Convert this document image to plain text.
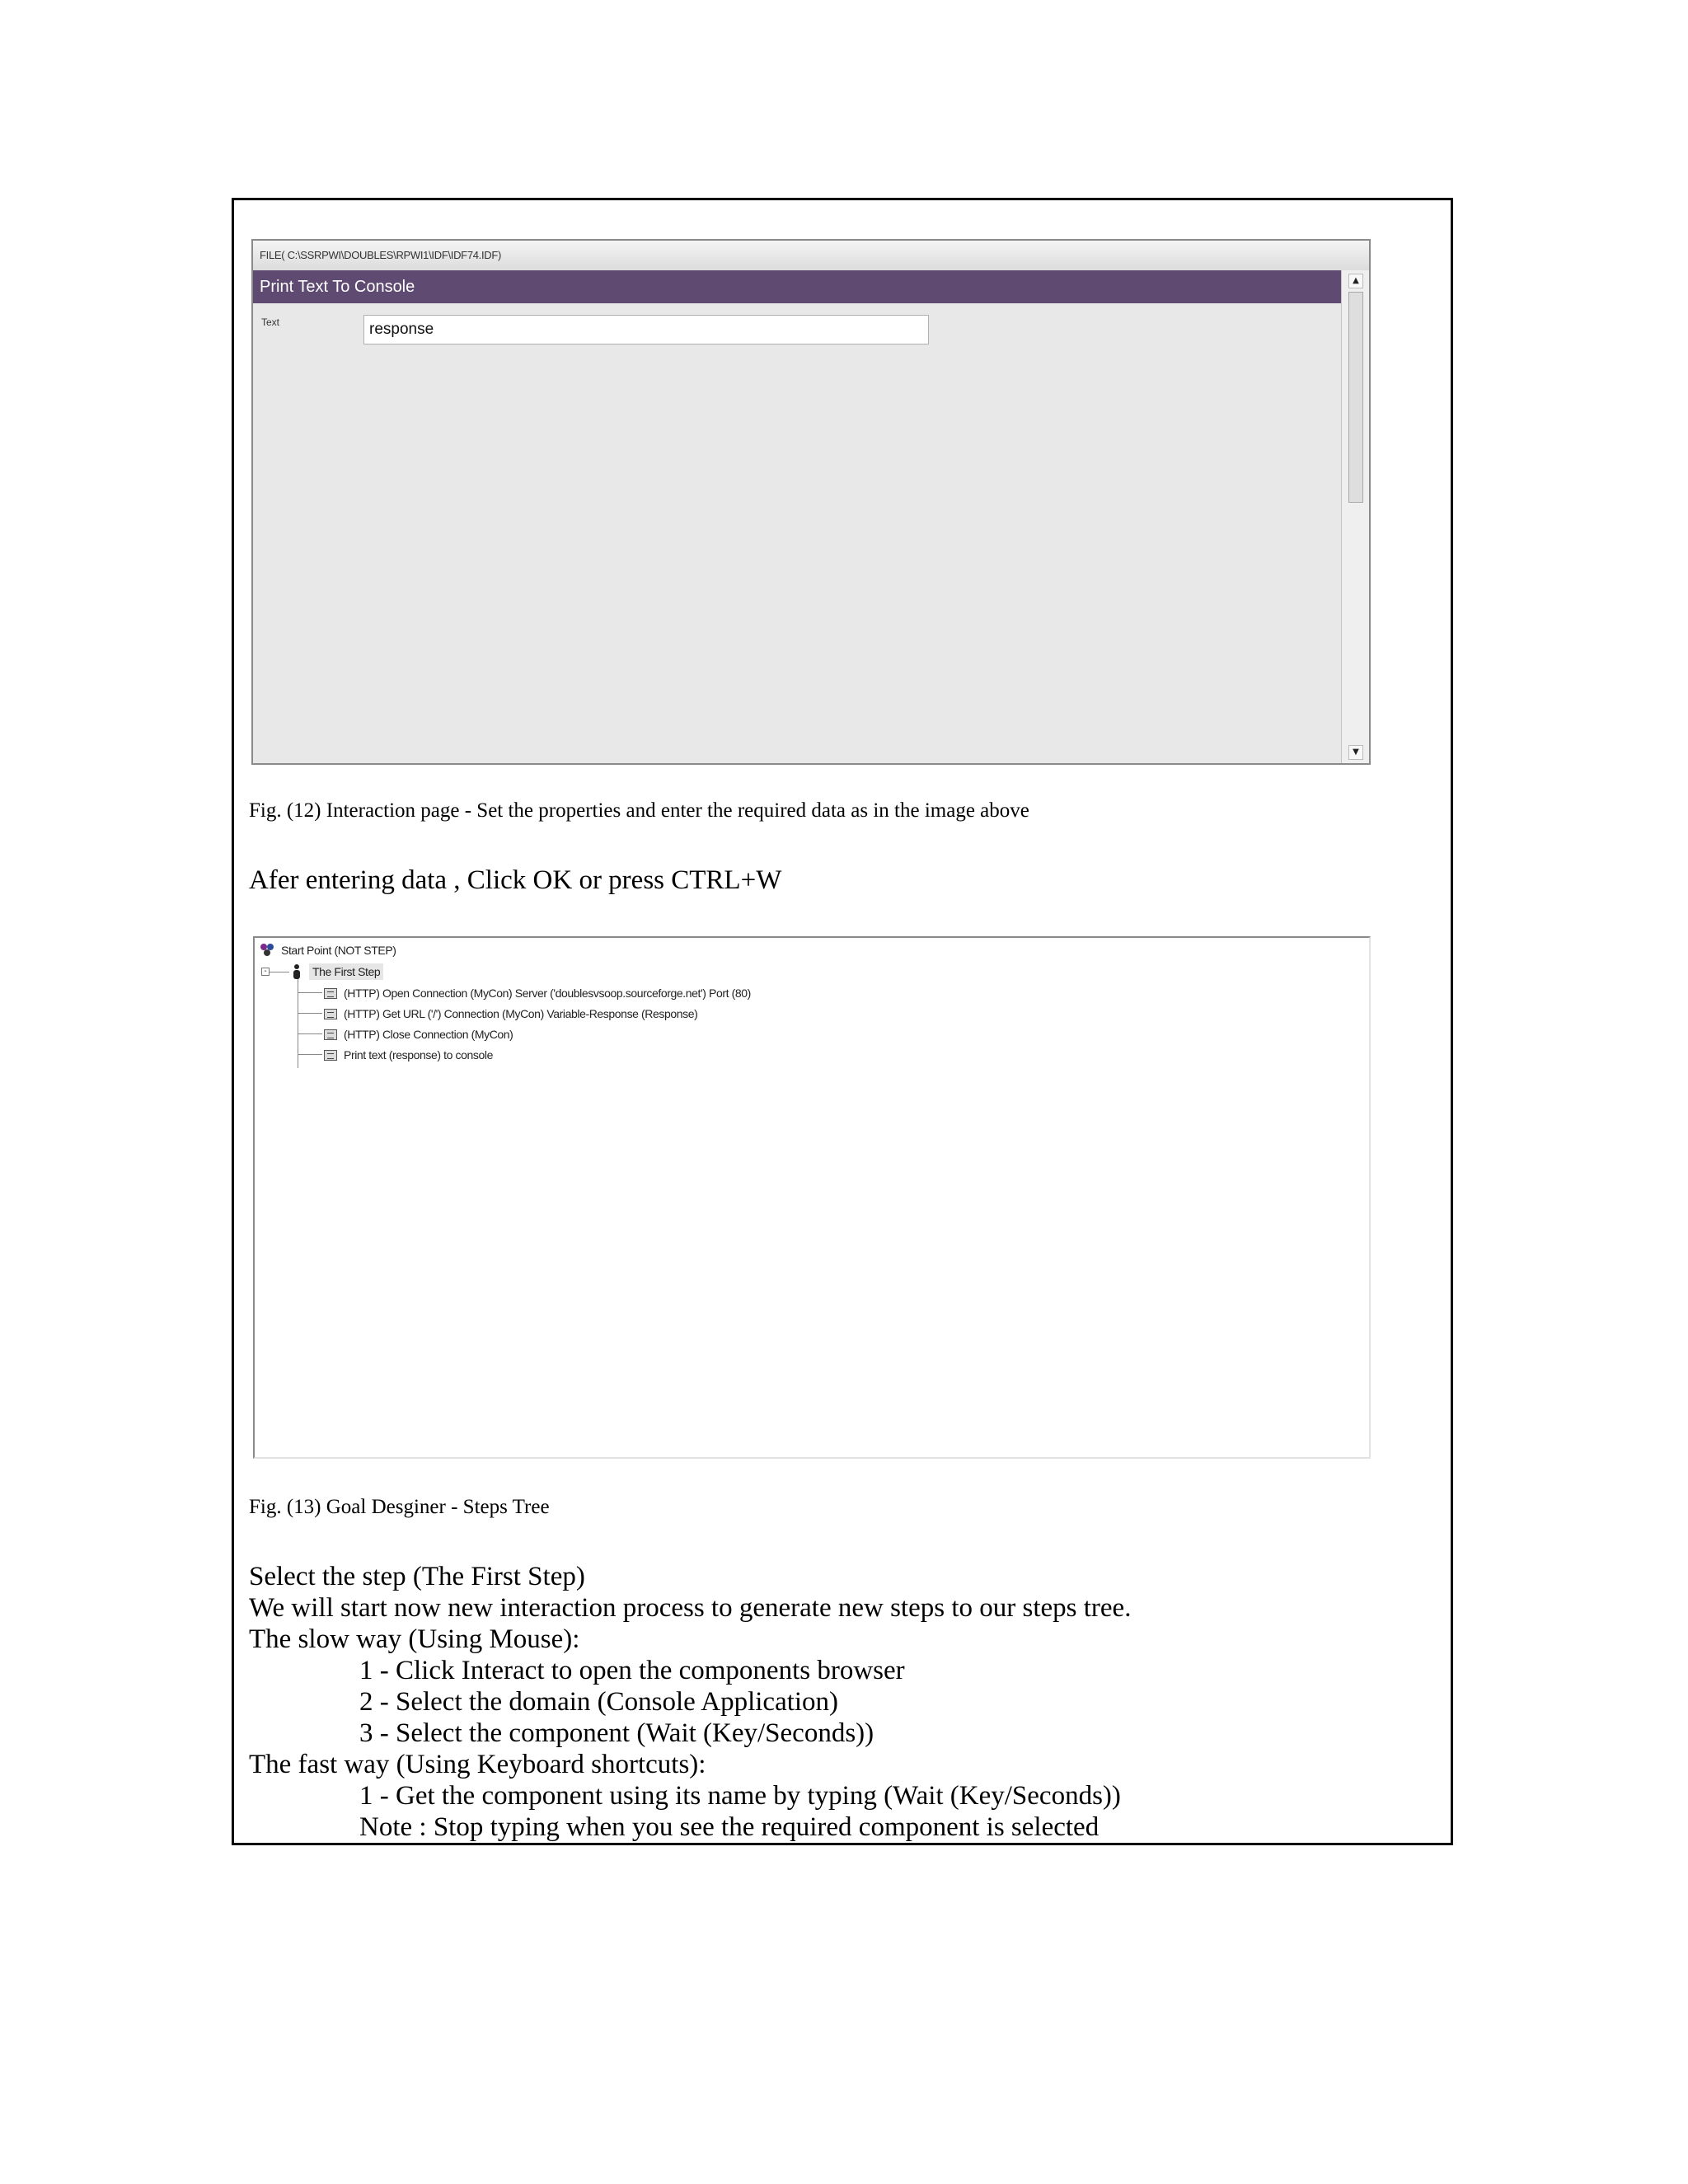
FILE( C:\SSRPWI\DOUBLES\RPWI1\IDF\IDF74.IDF)
Print Text To Console
Text	response
▲
▼
Fig. (12) Interaction page - Set the properties and enter the required data as in the image above
Afer entering data , Click OK or press CTRL+W
Start Point (NOT STEP)
-	The First Step
(HTTP) Open Connection (MyCon) Server ('doublesvsoop.sourceforge.net') Port (80)
(HTTP) Get URL ('/') Connection (MyCon) Variable-Response (Response)
(HTTP) Close Connection (MyCon)
Print text (response) to console
Fig. (13) Goal Desginer - Steps Tree
Select the step (The First Step)
We will start now new interaction process to generate new steps to our steps tree.
The slow way (Using Mouse):
1 - Click Interact to open the components browser
2 - Select the domain (Console Application)
3 - Select the component (Wait (Key/Seconds))
The fast way (Using Keyboard shortcuts):
1 - Get the component using its name by typing (Wait (Key/Seconds))
Note : Stop typing when you see the required component is selected
